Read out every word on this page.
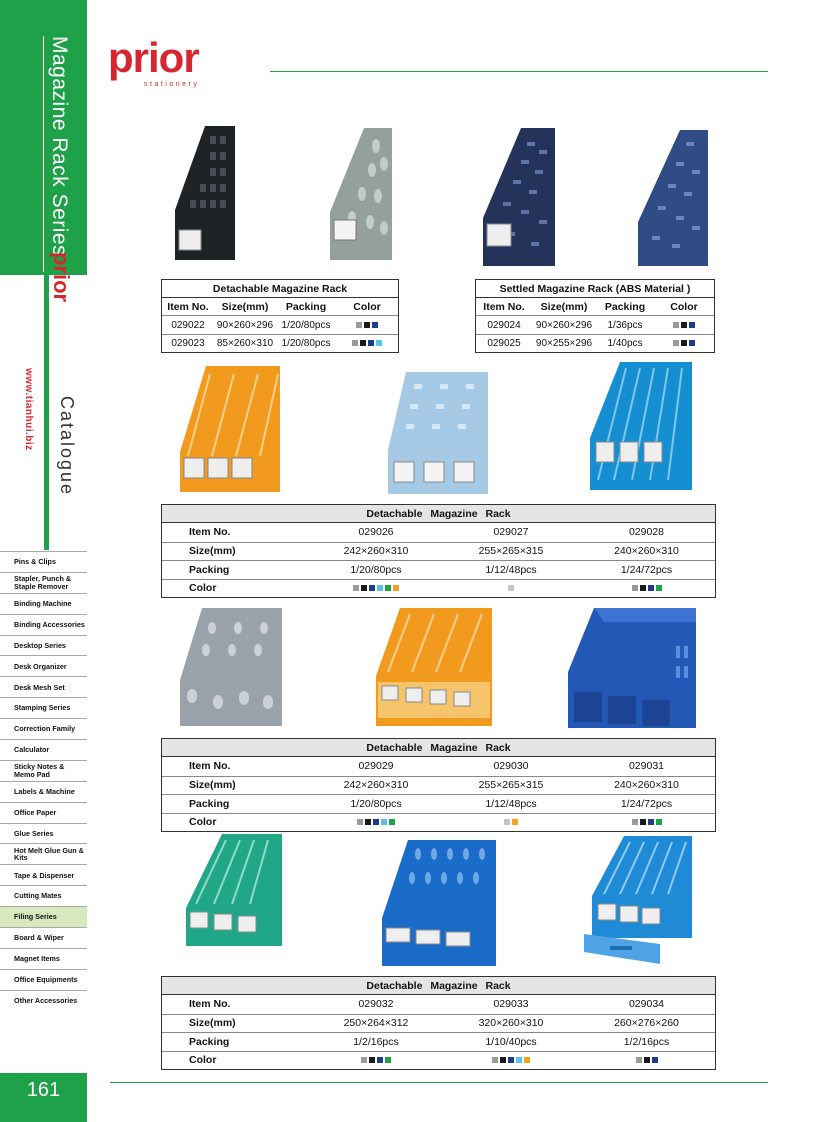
Magazine Rack Series
prior
www.tianhui.biz Catalogue
Pins & Clips
Stapler, Punch & Staple Remover
Binding Machine
Binding Accessories
Desktop Series
Desk Organizer
Desk Mesh Set
Stamping Series
Correction Family
Calculator
Sticky Notes & Memo Pad
Labels & Machine
Office Paper
Glue Series
Hot Melt Glue Gun & Kits
Tape & Dispenser
Cutting Mates
Filing Series
Board & Wiper
Magnet Items
Office Equipments
Other Accessories
161
prior
stationery
Detachable Magazine Rack
Item No.	Size(mm)	Packing	Color
029022	90×260×296 1/20/80pcs
029023	85×260×310 1/20/80pcs
Settled Magazine Rack (ABS Material )
Item No.	Size(mm)	Packing	Color
029024	90×260×296	1/36pcs
029025	90×255×296	1/40pcs
Detachable Magazine Rack
Item No.	029026	029027	029028
Size(mm)	242×260×310	255×265×315	240×260×310
Packing	1/20/80pcs	1/12/48pcs	1/24/72pcs
Color
Detachable Magazine Rack
Item No.	029029	029030	029031
Size(mm)	242×260×310	255×265×315	240×260×310
Packing	1/20/80pcs	1/12/48pcs	1/24/72pcs
Color
Detachable Magazine Rack
Item No.	029032	029033	029034
Size(mm)	250×264×312	320×260×310	260×276×260
Packing	1/2/16pcs	1/10/40pcs	1/2/16pcs
Color
